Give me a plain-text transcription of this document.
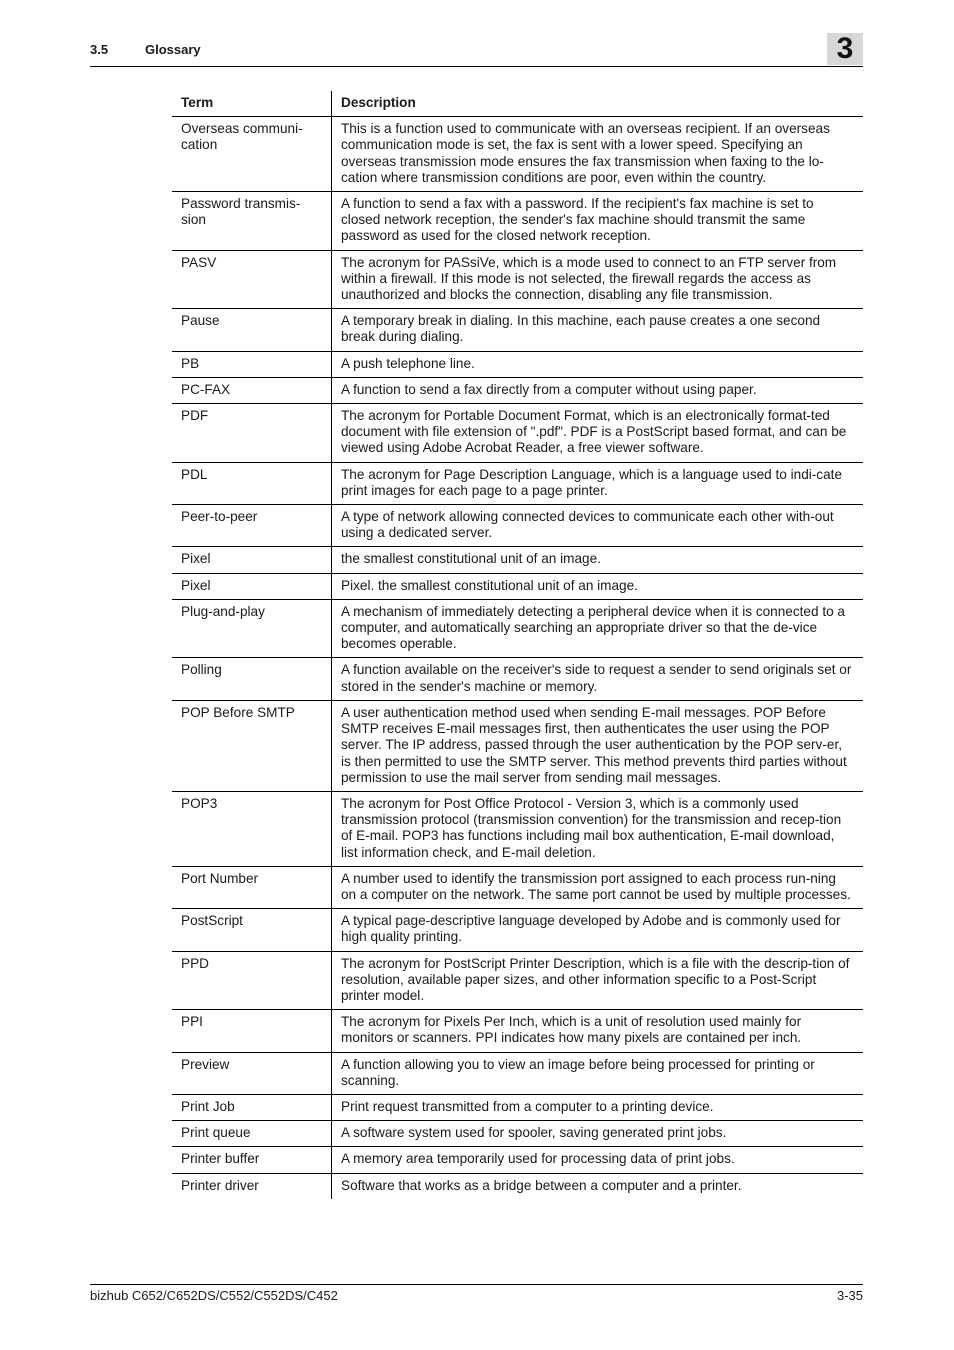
3.5	Glossary	3
Term	Description
Overseas communi-cation	This is a function used to communicate with an overseas recipient. If an overseas communication mode is set, the fax is sent with a lower speed. Specifying an overseas transmission mode ensures the fax transmission when faxing to the lo-cation where transmission conditions are poor, even within the country.
Password transmis-sion	A function to send a fax with a password. If the recipient's fax machine is set to closed network reception, the sender's fax machine should transmit the same password as used for the closed network reception.
PASV	The acronym for PASsiVe, which is a mode used to connect to an FTP server from within a firewall. If this mode is not selected, the firewall regards the access as unauthorized and blocks the connection, disabling any file transmission.
Pause	A temporary break in dialing. In this machine, each pause creates a one second break during dialing.
PB	A push telephone line.
PC-FAX	A function to send a fax directly from a computer without using paper.
PDF	The acronym for Portable Document Format, which is an electronically format-ted document with file extension of ".pdf". PDF is a PostScript based format, and can be viewed using Adobe Acrobat Reader, a free viewer software.
PDL	The acronym for Page Description Language, which is a language used to indi-cate print images for each page to a page printer.
Peer-to-peer	A type of network allowing connected devices to communicate each other with-out using a dedicated server.
Pixel	the smallest constitutional unit of an image.
Pixel	Pixel. the smallest constitutional unit of an image.
Plug-and-play	A mechanism of immediately detecting a peripheral device when it is connected to a computer, and automatically searching an appropriate driver so that the de-vice becomes operable.
Polling	A function available on the receiver's side to request a sender to send originals set or stored in the sender's machine or memory.
POP Before SMTP	A user authentication method used when sending E-mail messages. POP Before SMTP receives E-mail messages first, then authenticates the user using the POP server. The IP address, passed through the user authentication by the POP serv-er, is then permitted to use the SMTP server. This method prevents third parties without permission to use the mail server from sending mail messages.
POP3	The acronym for Post Office Protocol - Version 3, which is a commonly used transmission protocol (transmission convention) for the transmission and recep-tion of E-mail. POP3 has functions including mail box authentication, E-mail download, list information check, and E-mail deletion.
Port Number	A number used to identify the transmission port assigned to each process run-ning on a computer on the network. The same port cannot be used by multiple processes.
PostScript	A typical page-descriptive language developed by Adobe and is commonly used for high quality printing.
PPD	The acronym for PostScript Printer Description, which is a file with the descrip-tion of resolution, available paper sizes, and other information specific to a Post-Script printer model.
PPI	The acronym for Pixels Per Inch, which is a unit of resolution used mainly for monitors or scanners. PPI indicates how many pixels are contained per inch.
Preview	A function allowing you to view an image before being processed for printing or scanning.
Print Job	Print request transmitted from a computer to a printing device.
Print queue	A software system used for spooler, saving generated print jobs.
Printer buffer	A memory area temporarily used for processing data of print jobs.
Printer driver	Software that works as a bridge between a computer and a printer.
bizhub C652/C652DS/C552/C552DS/C452	3-35
